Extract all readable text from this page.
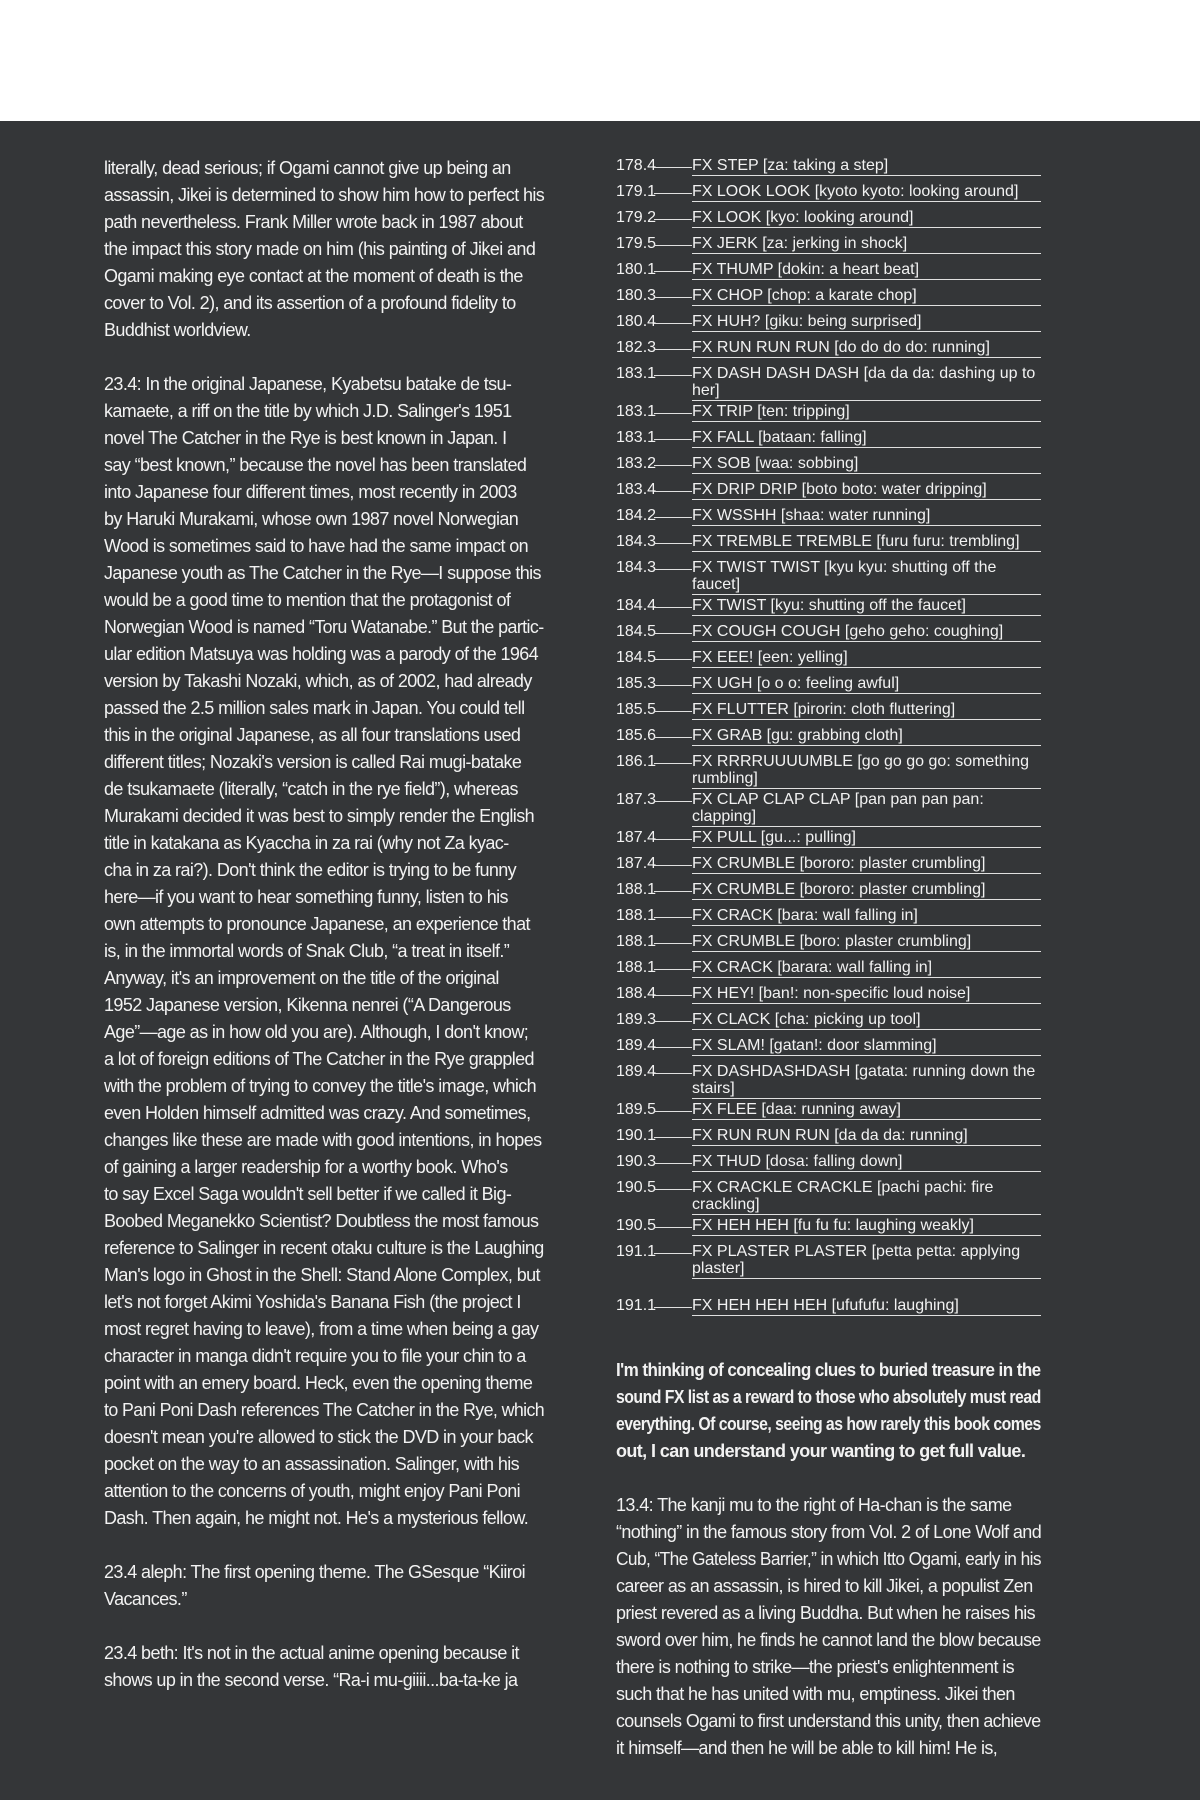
literally, dead serious; if Ogami cannot give up being an
assassin, Jikei is determined to show him how to perfect his
path nevertheless. Frank Miller wrote back in 1987 about
the impact this story made on him (his painting of Jikei and
Ogami making eye contact at the moment of death is the
cover to Vol. 2), and its assertion of a profound fidelity to
Buddhist worldview.
23.4: In the original Japanese, Kyabetsu batake de tsu-
kamaete, a riff on the title by which J.D. Salinger's 1951
novel The Catcher in the Rye is best known in Japan. I
say “best known,” because the novel has been translated
into Japanese four different times, most recently in 2003
by Haruki Murakami, whose own 1987 novel Norwegian
Wood is sometimes said to have had the same impact on
Japanese youth as The Catcher in the Rye—I suppose this
would be a good time to mention that the protagonist of
Norwegian Wood is named “Toru Watanabe.” But the partic-
ular edition Matsuya was holding was a parody of the 1964
version by Takashi Nozaki, which, as of 2002, had already
passed the 2.5 million sales mark in Japan. You could tell
this in the original Japanese, as all four translations used
different titles; Nozaki's version is called Rai mugi-batake
de tsukamaete (literally, “catch in the rye field”), whereas
Murakami decided it was best to simply render the English
title in katakana as Kyaccha in za rai (why not Za kyac-
cha in za rai?). Don't think the editor is trying to be funny
here—if you want to hear something funny, listen to his
own attempts to pronounce Japanese, an experience that
is, in the immortal words of Snak Club, “a treat in itself.”
Anyway, it's an improvement on the title of the original
1952 Japanese version, Kikenna nenrei (“A Dangerous
Age”—age as in how old you are). Although, I don't know;
a lot of foreign editions of The Catcher in the Rye grappled
with the problem of trying to convey the title's image, which
even Holden himself admitted was crazy. And sometimes,
changes like these are made with good intentions, in hopes
of gaining a larger readership for a worthy book. Who's
to say Excel Saga wouldn't sell better if we called it Big-
Boobed Meganekko Scientist? Doubtless the most famous
reference to Salinger in recent otaku culture is the Laughing
Man's logo in Ghost in the Shell: Stand Alone Complex, but
let's not forget Akimi Yoshida's Banana Fish (the project I
most regret having to leave), from a time when being a gay
character in manga didn't require you to file your chin to a
point with an emery board. Heck, even the opening theme
to Pani Poni Dash references The Catcher in the Rye, which
doesn't mean you're allowed to stick the DVD in your back
pocket on the way to an assassination. Salinger, with his
attention to the concerns of youth, might enjoy Pani Poni
Dash. Then again, he might not. He's a mysterious fellow.
23.4 aleph: The first opening theme. The GSesque “Kiiroi
Vacances.”
23.4 beth: It's not in the actual anime opening because it
shows up in the second verse. “Ra-i mu-giiii...ba-ta-ke ja
178.4 FX STEP [za: taking a step]
179.1 FX LOOK LOOK [kyoto kyoto: looking around]
179.2 FX LOOK [kyo: looking around]
179.5 FX JERK [za: jerking in shock]
180.1 FX THUMP [dokin: a heart beat]
180.3 FX CHOP [chop: a karate chop]
180.4 FX HUH? [giku: being surprised]
182.3 FX RUN RUN RUN [do do do do: running]
183.1 FX DASH DASH DASH [da da da: dashing up to her]
183.1 FX TRIP [ten: tripping]
183.1 FX FALL [bataan: falling]
183.2 FX SOB [waa: sobbing]
183.4 FX DRIP DRIP [boto boto: water dripping]
184.2 FX WSSHH [shaa: water running]
184.3 FX TREMBLE TREMBLE [furu furu: trembling]
184.3 FX TWIST TWIST [kyu kyu: shutting off the faucet]
184.4 FX TWIST [kyu: shutting off the faucet]
184.5 FX COUGH COUGH [geho geho: coughing]
184.5 FX EEE! [een: yelling]
185.3 FX UGH [o o o: feeling awful]
185.5 FX FLUTTER [pirorin: cloth fluttering]
185.6 FX GRAB [gu: grabbing cloth]
186.1 FX RRRRUUUUMBLE [go go go go: something rumbling]
187.3 FX CLAP CLAP CLAP [pan pan pan pan: clapping]
187.4 FX PULL [gu...: pulling]
187.4 FX CRUMBLE [bororo: plaster crumbling]
188.1 FX CRUMBLE [bororo: plaster crumbling]
188.1 FX CRACK [bara: wall falling in]
188.1 FX CRUMBLE [boro: plaster crumbling]
188.1 FX CRACK [barara: wall falling in]
188.4 FX HEY! [ban!: non-specific loud noise]
189.3 FX CLACK [cha: picking up tool]
189.4 FX SLAM! [gatan!: door slamming]
189.4 FX DASHDASHDASH [gatata: running down the stairs]
189.5 FX FLEE [daa: running away]
190.1 FX RUN RUN RUN [da da da: running]
190.3 FX THUD [dosa: falling down]
190.5 FX CRACKLE CRACKLE [pachi pachi: fire crackling]
190.5 FX HEH HEH [fu fu fu: laughing weakly]
191.1 FX PLASTER PLASTER [petta petta: applying plaster]
191.1 FX HEH HEH HEH [ufufufu: laughing]
I'm thinking of concealing clues to buried treasure in the
sound FX list as a reward to those who absolutely must read
everything. Of course, seeing as how rarely this book comes
out, I can understand your wanting to get full value.
13.4: The kanji mu to the right of Ha-chan is the same
“nothing” in the famous story from Vol. 2 of Lone Wolf and
Cub, “The Gateless Barrier,” in which Itto Ogami, early in his
career as an assassin, is hired to kill Jikei, a populist Zen
priest revered as a living Buddha. But when he raises his
sword over him, he finds he cannot land the blow because
there is nothing to strike—the priest's enlightenment is
such that he has united with mu, emptiness. Jikei then
counsels Ogami to first understand this unity, then achieve
it himself—and then he will be able to kill him! He is,
